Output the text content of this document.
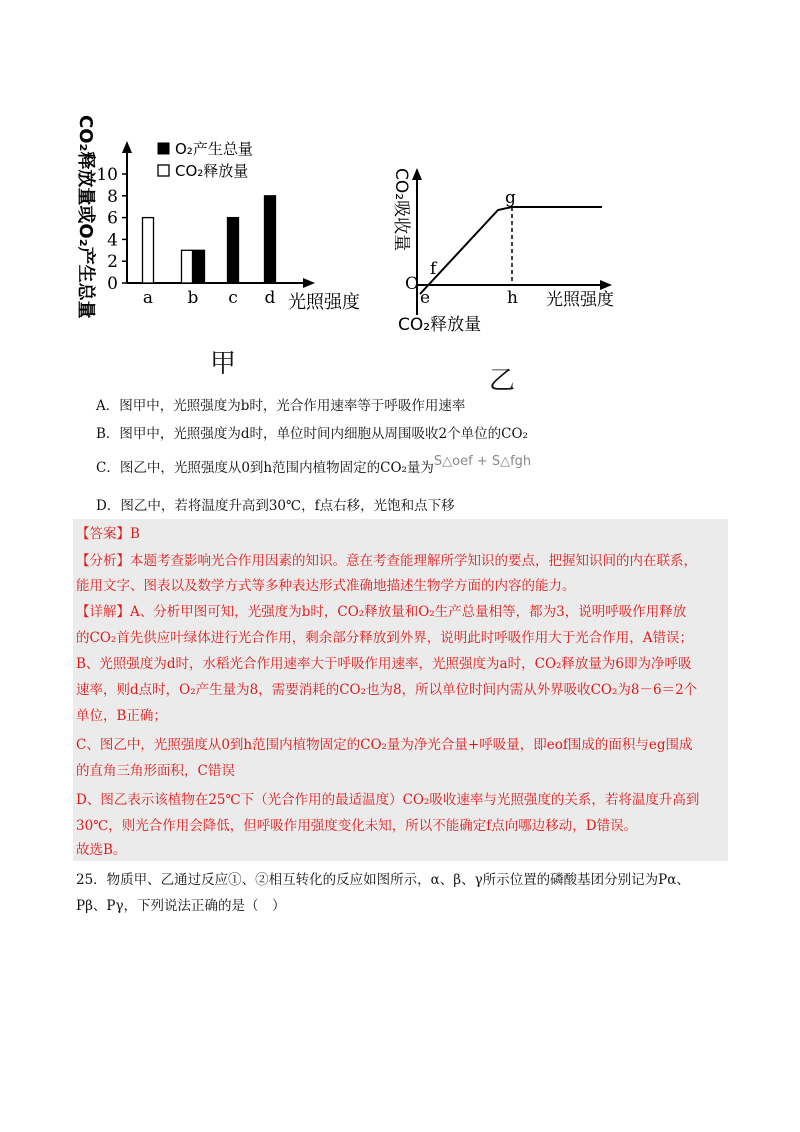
CO₂释放量或O₂产生总量 0
2
4
6
8
10
a b c d 光照强度
O₂产生总量
CO₂释放量
甲
CO₂吸收量
O
e
f
g
h 光照强度
CO₂释放量
乙
A．图甲中，光照强度为b时，光合作用速率等于呼吸作用速率
B．图甲中，光照强度为d时，单位时间内细胞从周围吸收2个单位的CO₂
C．图乙中，光照强度从0到h范围内植物固定的CO₂量为S△oef + S△fgh
D．图乙中，若将温度升高到30℃，f点右移，光饱和点下移
【答案】B
【分析】本题考查影响光合作用因素的知识。意在考查能理解所学知识的要点，把握知识间的内在联系，
能用文字、图表以及数学方式等多种表达形式准确地描述生物学方面的内容的能力。
【详解】A、分析甲图可知，光强度为b时，CO₂释放量和O₂生产总量相等，都为3，说明呼吸作用释放
的CO₂首先供应叶绿体进行光合作用，剩余部分释放到外界，说明此时呼吸作用大于光合作用，A错误；
B、光照强度为d时，水稻光合作用速率大于呼吸作用速率，光照强度为a时，CO₂释放量为6即为净呼吸
速率，则d点时，O₂产生量为8，需要消耗的CO₂也为8，所以单位时间内需从外界吸收CO₂为8－6＝2个
单位，B正确；
C、图乙中，光照强度从0到h范围内植物固定的CO₂量为净光合量+呼吸量，即eof围成的面积与eg围成
的直角三角形面积，C错误
D、图乙表示该植物在25℃下（光合作用的最适温度）CO₂吸收速率与光照强度的关系，若将温度升高到
30℃，则光合作用会降低，但呼吸作用强度变化未知，所以不能确定f点向哪边移动，D错误。
故选B。
25．物质甲、乙通过反应①、②相互转化的反应如图所示，α、β、γ所示位置的磷酸基团分别记为Pα、
Pβ、Pγ，下列说法正确的是（　）
